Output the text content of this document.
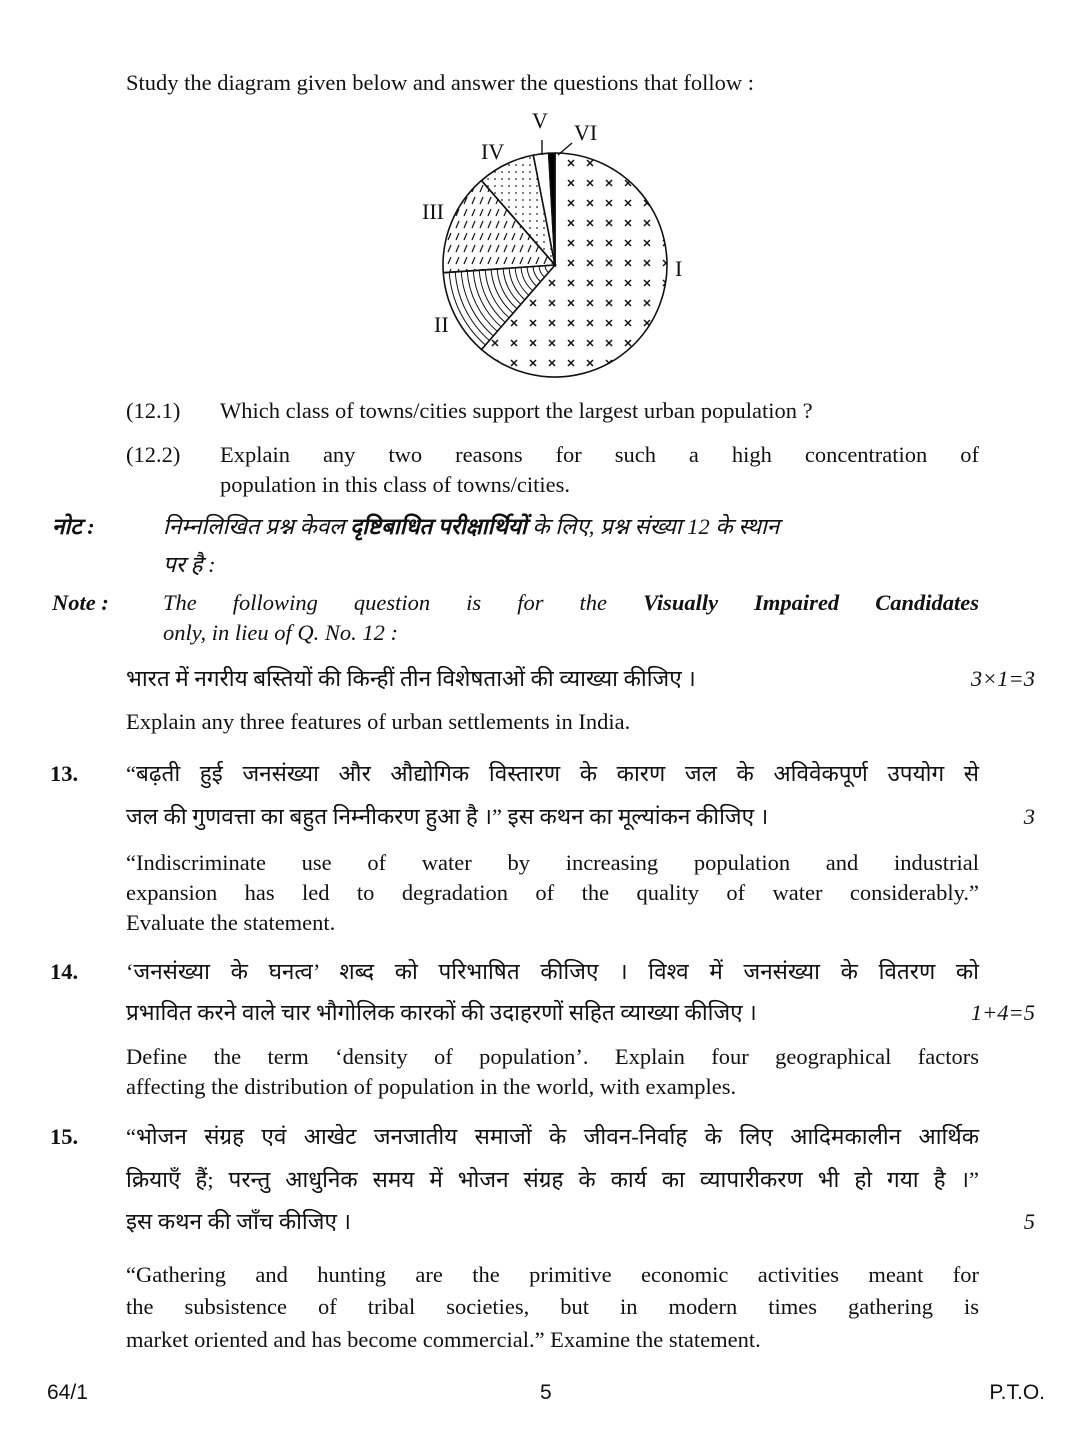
Study the diagram given below and answer the questions that follow :
V VI
IV
III
I
II
(12.1) Which class of towns/cities support the largest urban population ?
(12.2) Explain any two reasons for such a high concentration of
population in this class of towns/cities.
नोट :	निम्नलिखित प्रश्न केवल दृष्टिबाधित परीक्षार्थियों के लिए, प्रश्न संख्या 12 के स्थान
पर है :
Note : The following question is for the Visually Impaired Candidates
only, in lieu of Q. No. 12 :
भारत में नगरीय बस्तियों की किन्हीं तीन विशेषताओं की व्याख्या कीजिए ।	3×1=3
Explain any three features of urban settlements in India.
13. “बढ़ती हुई जनसंख्या और औद्योगिक विस्तारण के कारण जल के अविवेकपूर्ण उपयोग से
जल की गुणवत्ता का बहुत निम्नीकरण हुआ है ।” इस कथन का मूल्यांकन कीजिए ।	3
“Indiscriminate use of water by increasing population and industrial
expansion has led to degradation of the quality of water considerably.”
Evaluate the statement.
14. ‘जनसंख्या के घनत्व’ शब्द को परिभाषित कीजिए । विश्व में जनसंख्या के वितरण को
प्रभावित करने वाले चार भौगोलिक कारकों की उदाहरणों सहित व्याख्या कीजिए ।	1+4=5
Define the term ‘density of population’. Explain four geographical factors
affecting the distribution of population in the world, with examples.
15. “भोजन संग्रह एवं आखेट जनजातीय समाजों के जीवन-निर्वाह के लिए आदिमकालीन आर्थिक
क्रियाएँ हैं; परन्तु आधुनिक समय में भोजन संग्रह के कार्य का व्यापारीकरण भी हो गया है ।”
इस कथन की जाँच कीजिए ।	5
“Gathering and hunting are the primitive economic activities meant for
the subsistence of tribal societies, but in modern times gathering is
market oriented and has become commercial.” Examine the statement.
64/1	5	P.T.O.
